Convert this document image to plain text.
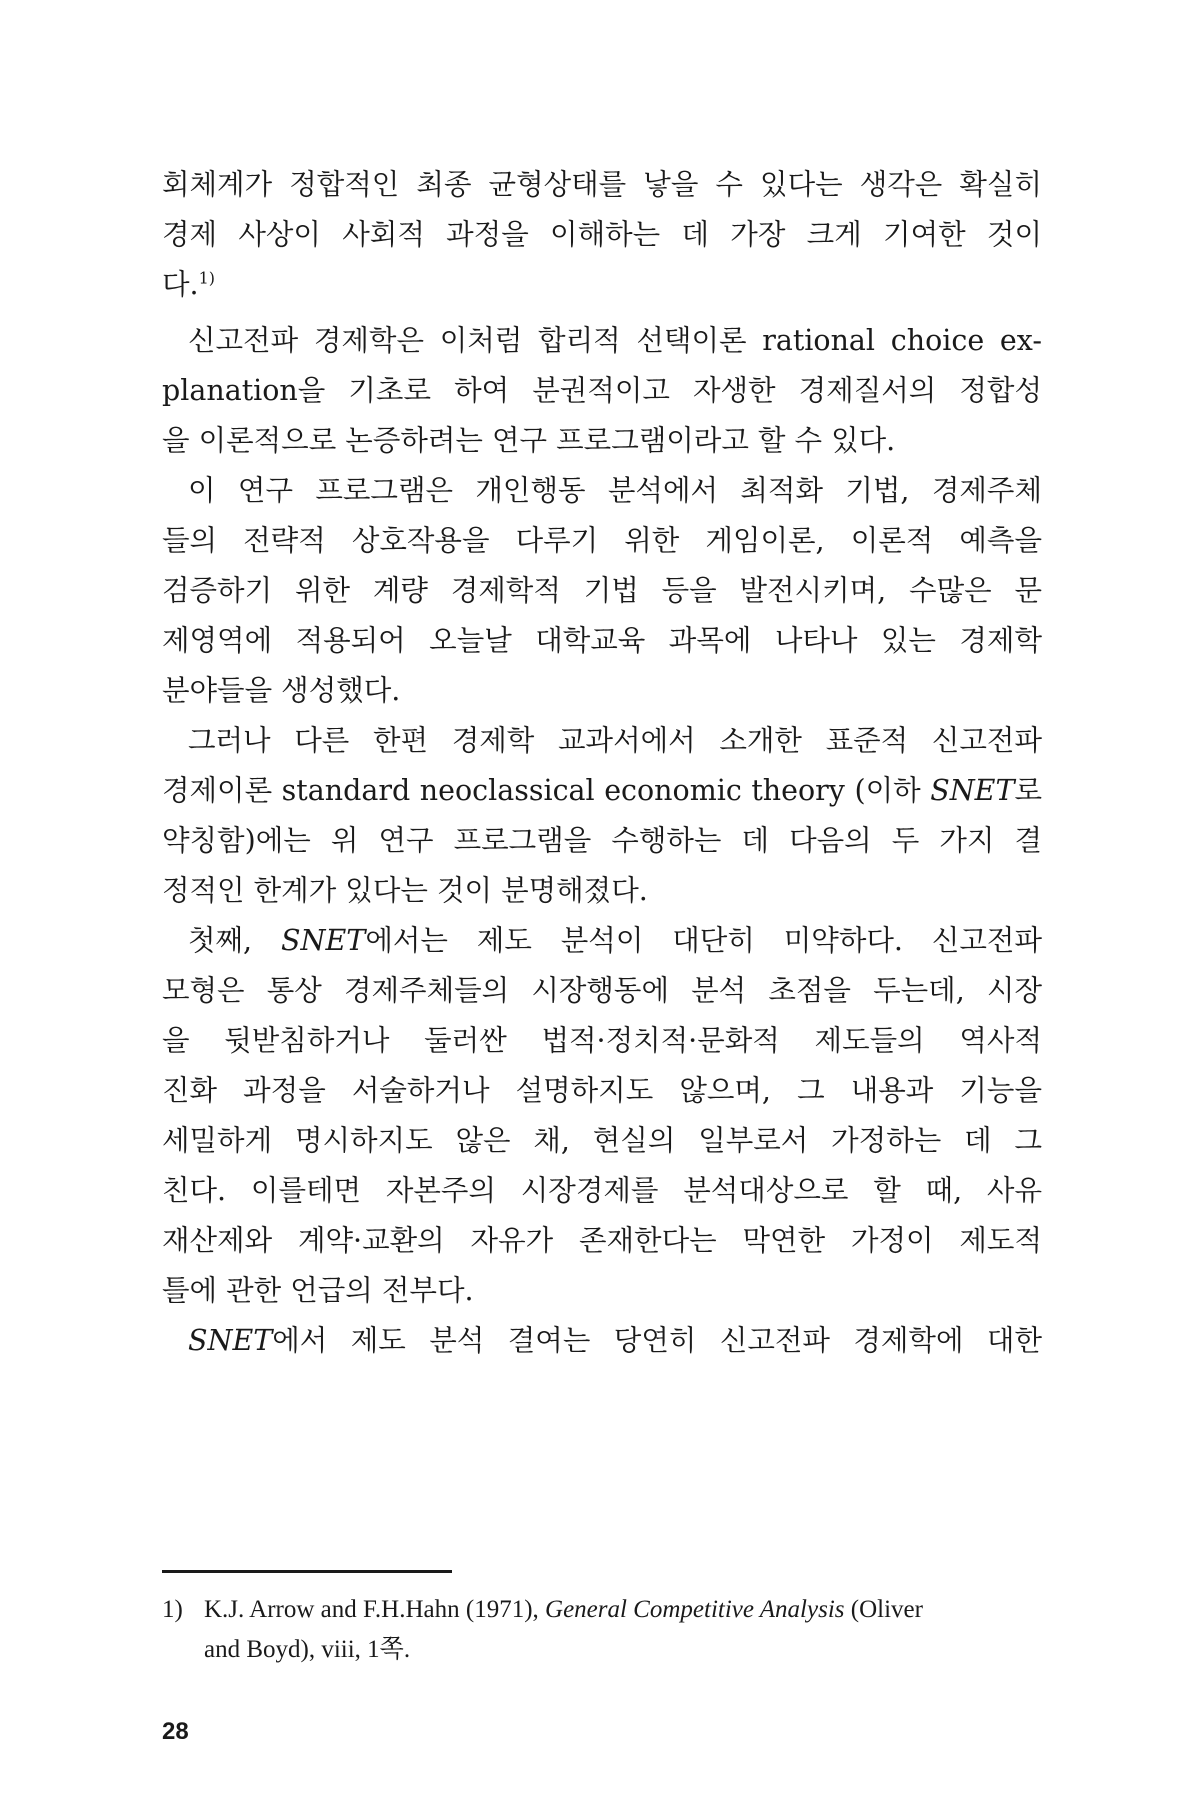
회체계가 정합적인 최종 균형상태를 낳을 수 있다는 생각은 확실히

경제 사상이 사회적 과정을 이해하는 데 가장 크게 기여한 것이

다.$^{1)}$

신고전파 경제학은 이처럼 합리적 선택이론 rational choice ex-

planation을 기초로 하여 분권적이고 자생한 경제질서의 정합성

을 이론적으로 논증하려는 연구 프로그램이라고 할 수 있다.

이 연구 프로그램은 개인행동 분석에서 최적화 기법, 경제주체

들의 전략적 상호작용을 다루기 위한 게임이론, 이론적 예측을

검증하기 위한 계량 경제학적 기법 등을 발전시키며, 수많은 문

제영역에 적용되어 오늘날 대학교육 과목에 나타나 있는 경제학

분야들을 생성했다.

그러나 다른 한편 경제학 교과서에서 소개한 표준적 신고전파

경제이론 standard neoclassical economic theory (이하 SNET로

약칭함)에는 위 연구 프로그램을 수행하는 데 다음의 두 가지 결

정적인 한계가 있다는 것이 분명해졌다.

첫째, SNET에서는 제도 분석이 대단히 미약하다. 신고전파

모형은 통상 경제주체들의 시장행동에 분석 초점을 두는데, 시장

을 뒷받침하거나 둘러싼 법적·정치적·문화적 제도들의 역사적

진화 과정을 서술하거나 설명하지도 않으며, 그 내용과 기능을

세밀하게 명시하지도 않은 채, 현실의 일부로서 가정하는 데 그

친다. 이를테면 자본주의 시장경제를 분석대상으로 할 때, 사유

재산제와 계약·교환의 자유가 존재한다는 막연한 가정이 제도적

틀에 관한 언급의 전부다.

SNET에서 제도 분석 결여는 당연히 신고전파 경제학에 대한

1) K.J. Arrow and F.H.Hahn (1971), General Competitive Analysis (Oliver
and Boyd), viii, 1쪽.
28
